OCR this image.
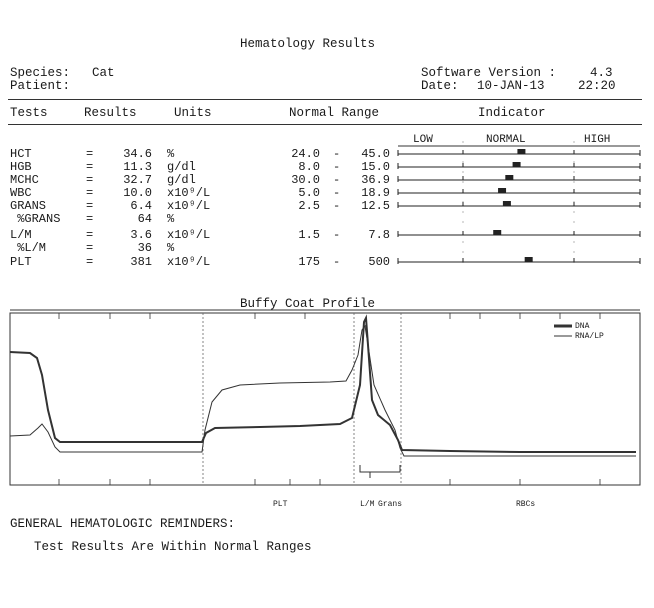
Hematology Results
Species: Cat
Patient:
Software Version :	4.3
Date: 10-JAN-13	22:20
Tests	Results	Units	Normal Range	Indicator
LOW	NORMAL	HIGH
HCT	= 34.6 %	24.0 - 45.0
HGB	= 11.3 g/dl	8.0 - 15.0
MCHC	= 32.7 g/dl	30.0 - 36.9
WBC	= 10.0 x10⁹/L	5.0 - 18.9
GRANS	=	6.4 x10⁹/L	2.5 - 12.5
%GRANS =	64 %
L/M	=	3.6 x10⁹/L	1.5 - 7.8
%L/M	=	36 %
PLT	=	381 x10⁹/L	175 - 500
Buffy Coat Profile
DNA
RNA/LP
PLT	L/M Grans	RBCs
GENERAL HEMATOLOGIC REMINDERS:
Test Results Are Within Normal Ranges
